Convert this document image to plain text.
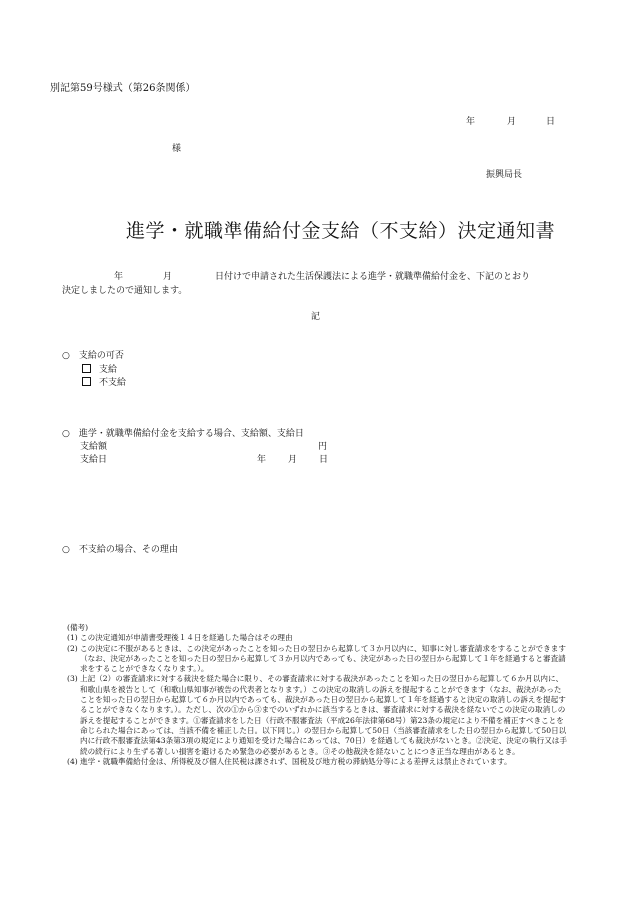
別記第59号様式（第26条関係）
年	月	日
様
振興局長
進学・就職準備給付金支給（不支給）決定通知書
年	月	日付けで申請された生活保護法による進学・就職準備給付金を、下記のとおり
決定しましたので通知します。
記
○　支給の可否
支給
不支給
○　進学・就職準備給付金を支給する場合、支給額、支給日
支給額	円
支給日	年 月 日
○　不支給の場合、その理由
(備考)
(1) この決定通知が申請書受理後１４日を経過した場合はその理由
(2) この決定に不服があるときは、この決定があったことを知った日の翌日から起算して３か月以内に、知事に対し審査請求をすることができます（なお、決定があったことを知った日の翌日から起算して３か月以内であっても、決定があった日の翌日から起算して１年を経過すると審査請求をすることができなくなります。）。
(3) 上記（2）の審査請求に対する裁決を経た場合に限り、その審査請求に対する裁決があったことを知った日の翌日から起算して６か月以内に、和歌山県を被告として（和歌山県知事が被告の代表者となります。）この決定の取消しの訴えを提起することができます（なお、裁決があったことを知った日の翌日から起算して６か月以内であっても、裁決があった日の翌日から起算して１年を経過すると決定の取消しの訴えを提起することができなくなります。）。ただし、次の①から③までのいずれかに該当するときは、審査請求に対する裁決を経ないでこの決定の取消しの訴えを提起することができます。①審査請求をした日（行政不服審査法（平成26年法律第68号）第23条の規定により不備を補正すべきことを命じられた場合にあっては、当該不備を補正した日。以下同じ。）の翌日から起算して50日（当該審査請求をした日の翌日から起算して50日以内に行政不服審査法第43条第3項の規定により通知を受けた場合にあっては、70日）を経過しても裁決がないとき。②決定、決定の執行又は手続の続行により生ずる著しい損害を避けるため緊急の必要があるとき。③その他裁決を経ないことにつき正当な理由があるとき。
(4) 進学・就職準備給付金は、所得税及び個人住民税は課されず、国税及び地方税の滞納処分等による差押えは禁止されています。
